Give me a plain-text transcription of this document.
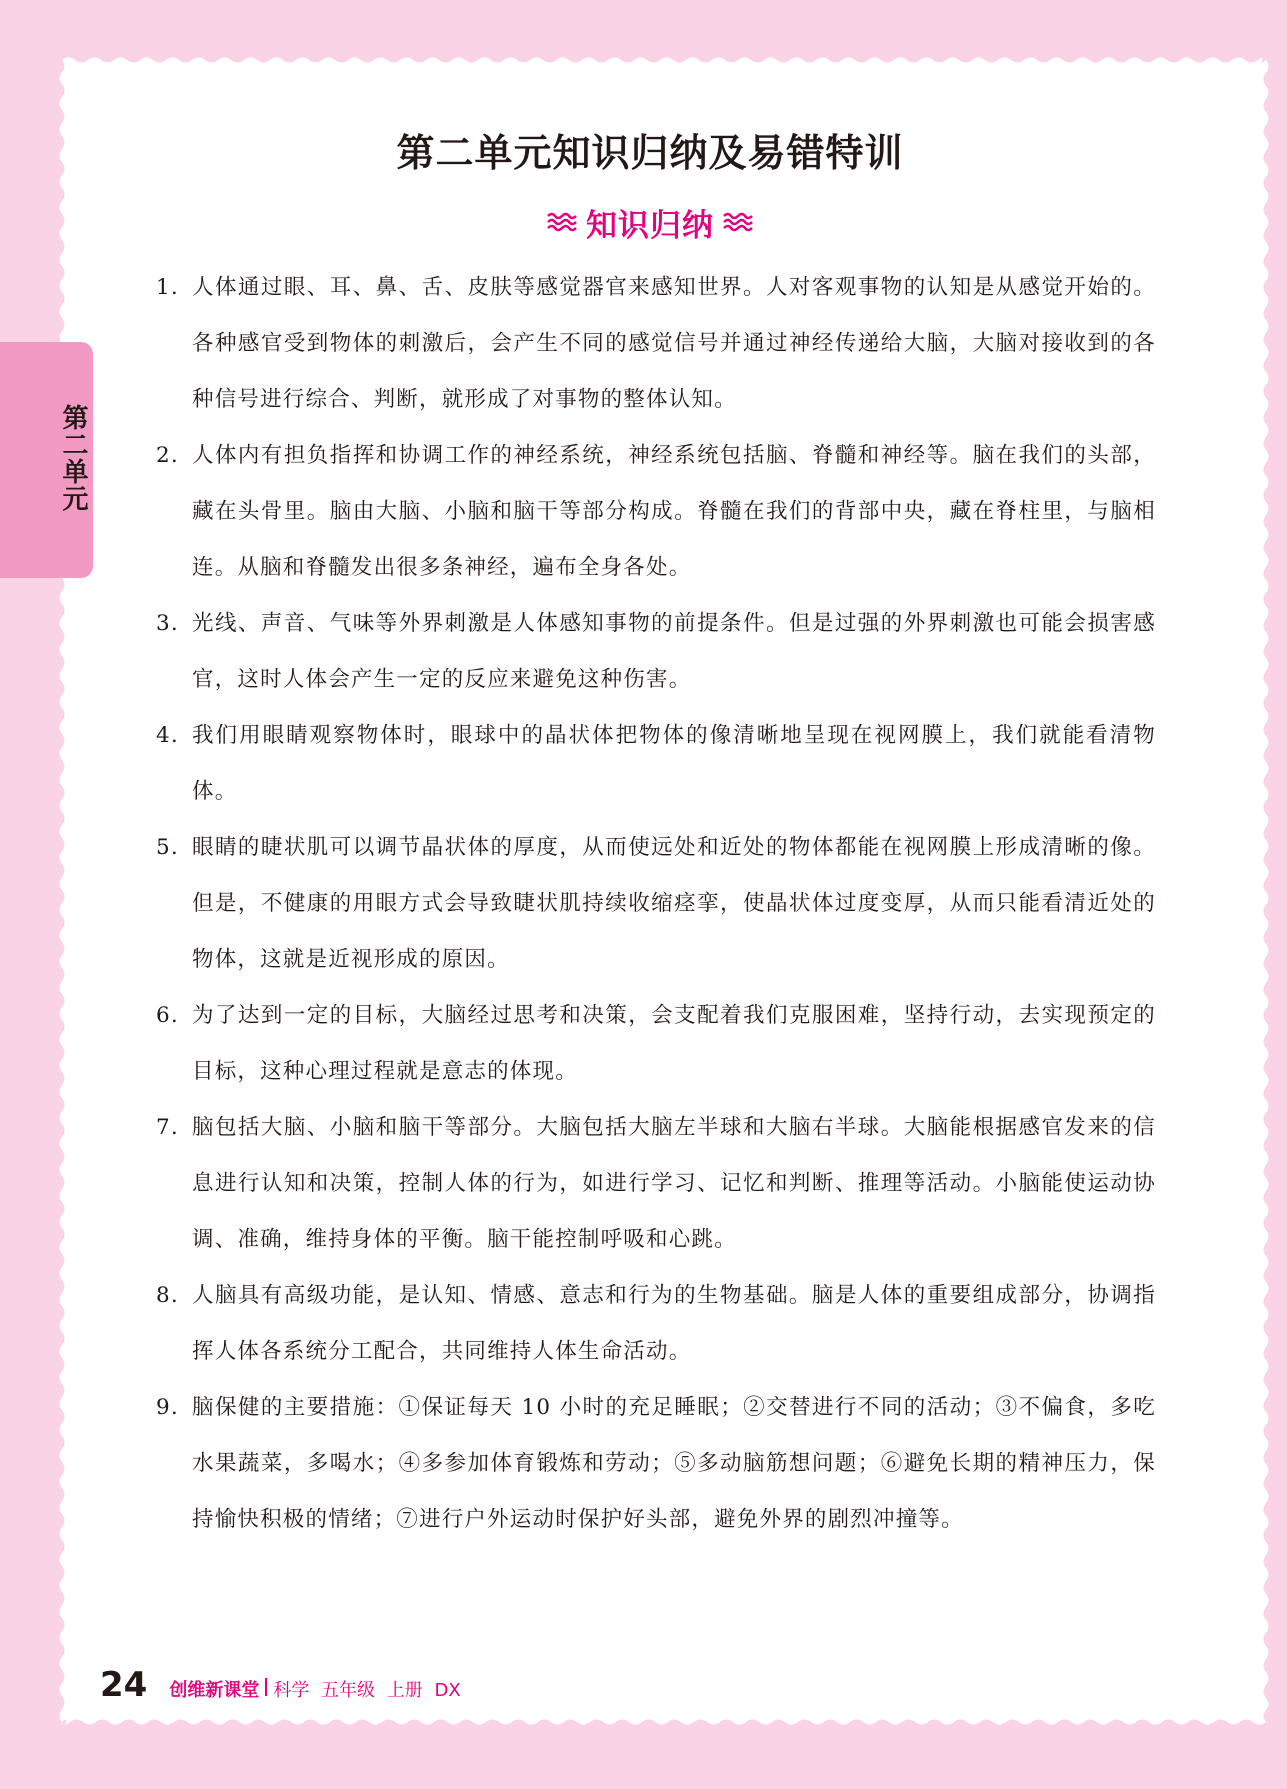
第二单元
第二单元知识归纳及易错特训
知识归纳
1. 人体通过眼、耳、鼻、舌、皮肤等感觉器官来感知世界。人对客观事物的认知是从感觉开始的。各种感官受到物体的刺激后，会产生不同的感觉信号并通过神经传递给大脑，大脑对接收到的各种信号进行综合、判断，就形成了对事物的整体认知。
2. 人体内有担负指挥和协调工作的神经系统，神经系统包括脑、脊髓和神经等。脑在我们的头部，藏在头骨里。脑由大脑、小脑和脑干等部分构成。脊髓在我们的背部中央，藏在脊柱里，与脑相连。从脑和脊髓发出很多条神经，遍布全身各处。
3. 光线、声音、气味等外界刺激是人体感知事物的前提条件。但是过强的外界刺激也可能会损害感官，这时人体会产生一定的反应来避免这种伤害。
4. 我们用眼睛观察物体时，眼球中的晶状体把物体的像清晰地呈现在视网膜上，我们就能看清物体。
5. 眼睛的睫状肌可以调节晶状体的厚度，从而使远处和近处的物体都能在视网膜上形成清晰的像。但是，不健康的用眼方式会导致睫状肌持续收缩痉挛，使晶状体过度变厚，从而只能看清近处的物体，这就是近视形成的原因。
6. 为了达到一定的目标，大脑经过思考和决策，会支配着我们克服困难，坚持行动，去实现预定的目标，这种心理过程就是意志的体现。
7. 脑包括大脑、小脑和脑干等部分。大脑包括大脑左半球和大脑右半球。大脑能根据感官发来的信息进行认知和决策，控制人体的行为，如进行学习、记忆和判断、推理等活动。小脑能使运动协调、准确，维持身体的平衡。脑干能控制呼吸和心跳。
8. 人脑具有高级功能，是认知、情感、意志和行为的生物基础。脑是人体的重要组成部分，协调指挥人体各系统分工配合，共同维持人体生命活动。
9. 脑保健的主要措施：①保证每天 10 小时的充足睡眠；②交替进行不同的活动；③不偏食，多吃水果蔬菜，多喝水；④多参加体育锻炼和劳动；⑤多动脑筋想问题；⑥避免长期的精神压力，保持愉快积极的情绪；⑦进行户外运动时保护好头部，避免外界的剧烈冲撞等。
24 创维新课堂 科学 五年级 上册 DX
